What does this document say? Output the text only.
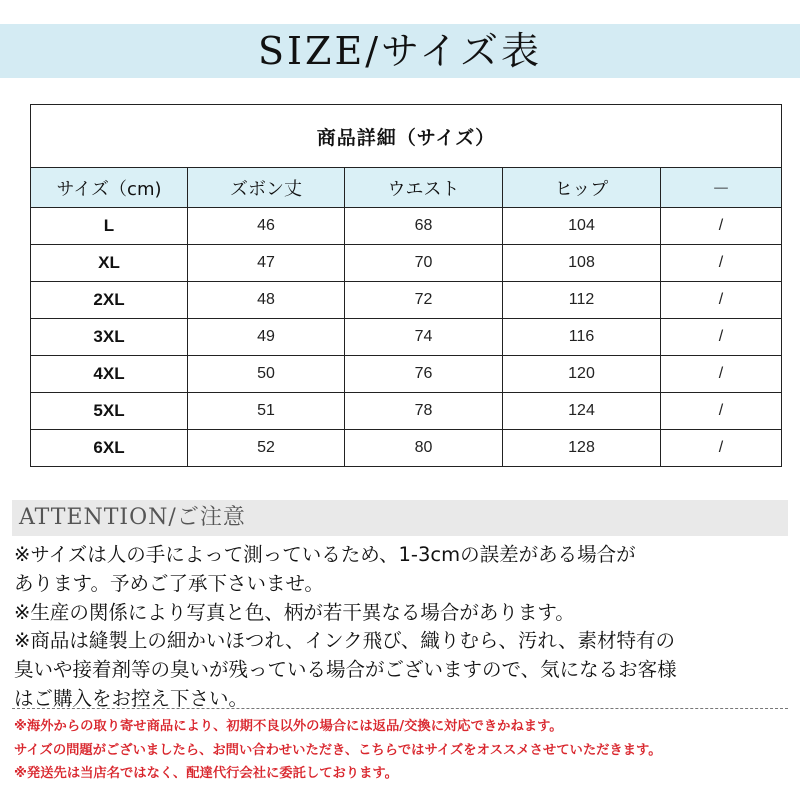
SIZE/サイズ表
商品詳細（サイズ）				
サイズ（cm)	ズボン丈	ウエスト	ヒップ	－
L	46	68	104	/
XL	47	70	108	/
2XL	48	72	112	/
3XL	49	74	116	/
4XL	50	76	120	/
5XL	51	78	124	/
6XL	52	80	128	/
ATTENTION/ご注意
※サイズは人の手によって測っているため、1-3cmの誤差がある場合が
あります。予めご了承下さいませ。
※生産の関係により写真と色、柄が若干異なる場合があります。
※商品は縫製上の細かいほつれ、インク飛び、織りむら、汚れ、素材特有の
臭いや接着剤等の臭いが残っている場合がございますので、気になるお客様
はご購入をお控え下さい。
※海外からの取り寄せ商品により、初期不良以外の場合には返品/交換に対応できかねます。
サイズの問題がございましたら、お問い合わせいただき、こちらではサイズをオススメさせていただきます。
※発送先は当店名ではなく、配達代行会社に委託しております。
